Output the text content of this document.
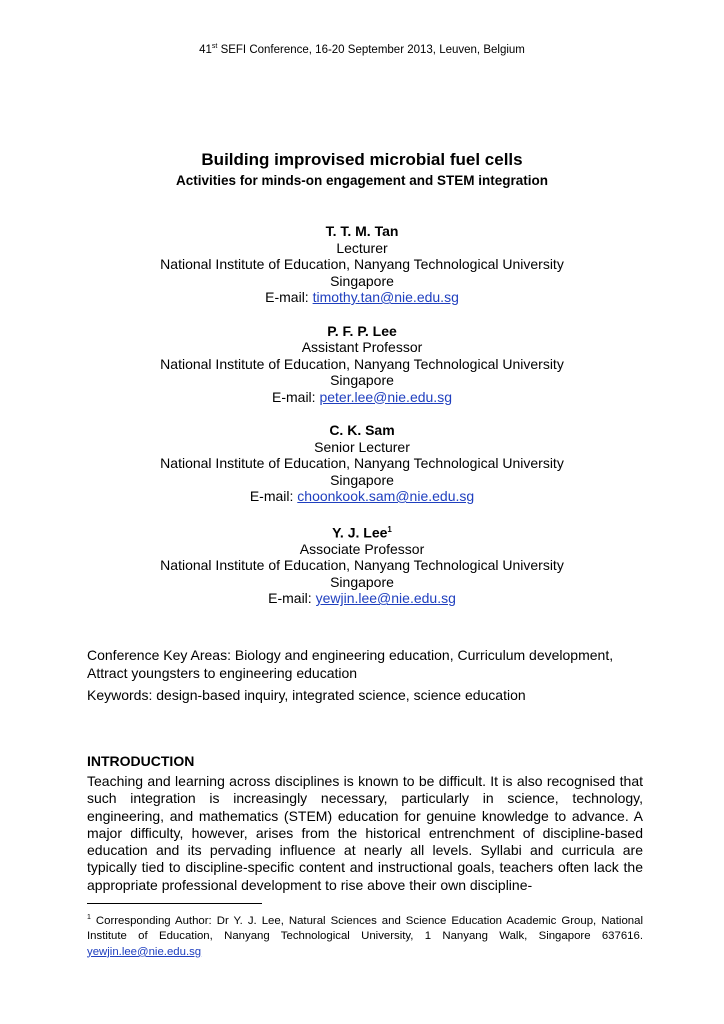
41st SEFI Conference, 16-20 September 2013, Leuven, Belgium

Building improvised microbial fuel cells

Activities for minds-on engagement and STEM integration

T. T. M. Tan
Lecturer
National Institute of Education, Nanyang Technological University
Singapore
E-mail: timothy.tan@nie.edu.sg
P. F. P. Lee
Assistant Professor
National Institute of Education, Nanyang Technological University
Singapore
E-mail: peter.lee@nie.edu.sg
C. K. Sam
Senior Lecturer
National Institute of Education, Nanyang Technological University
Singapore
E-mail: choonkook.sam@nie.edu.sg
Y. J. Lee$^1$
Associate Professor
National Institute of Education, Nanyang Technological University
Singapore
E-mail: yewjin.lee@nie.edu.sg
Conference Key Areas: Biology and engineering education, Curriculum development, Attract youngsters to engineering education
Keywords: design-based inquiry, integrated science, science education
INTRODUCTION

Teaching and learning across disciplines is known to be difficult. It is also recognised that such integration is increasingly necessary, particularly in science, technology, engineering, and mathematics (STEM) education for genuine knowledge to advance. A major difficulty, however, arises from the historical entrenchment of discipline-based education and its pervading influence at nearly all levels. Syllabi and curricula are typically tied to discipline-specific content and instructional goals, teachers often lack the appropriate professional development to rise above their own discipline-

$^1$ Corresponding Author: Dr Y. J. Lee, Natural Sciences and Science Education Academic Group, National Institute of Education, Nanyang Technological University, 1 Nanyang Walk, Singapore 637616. yewjin.lee@nie.edu.sg
